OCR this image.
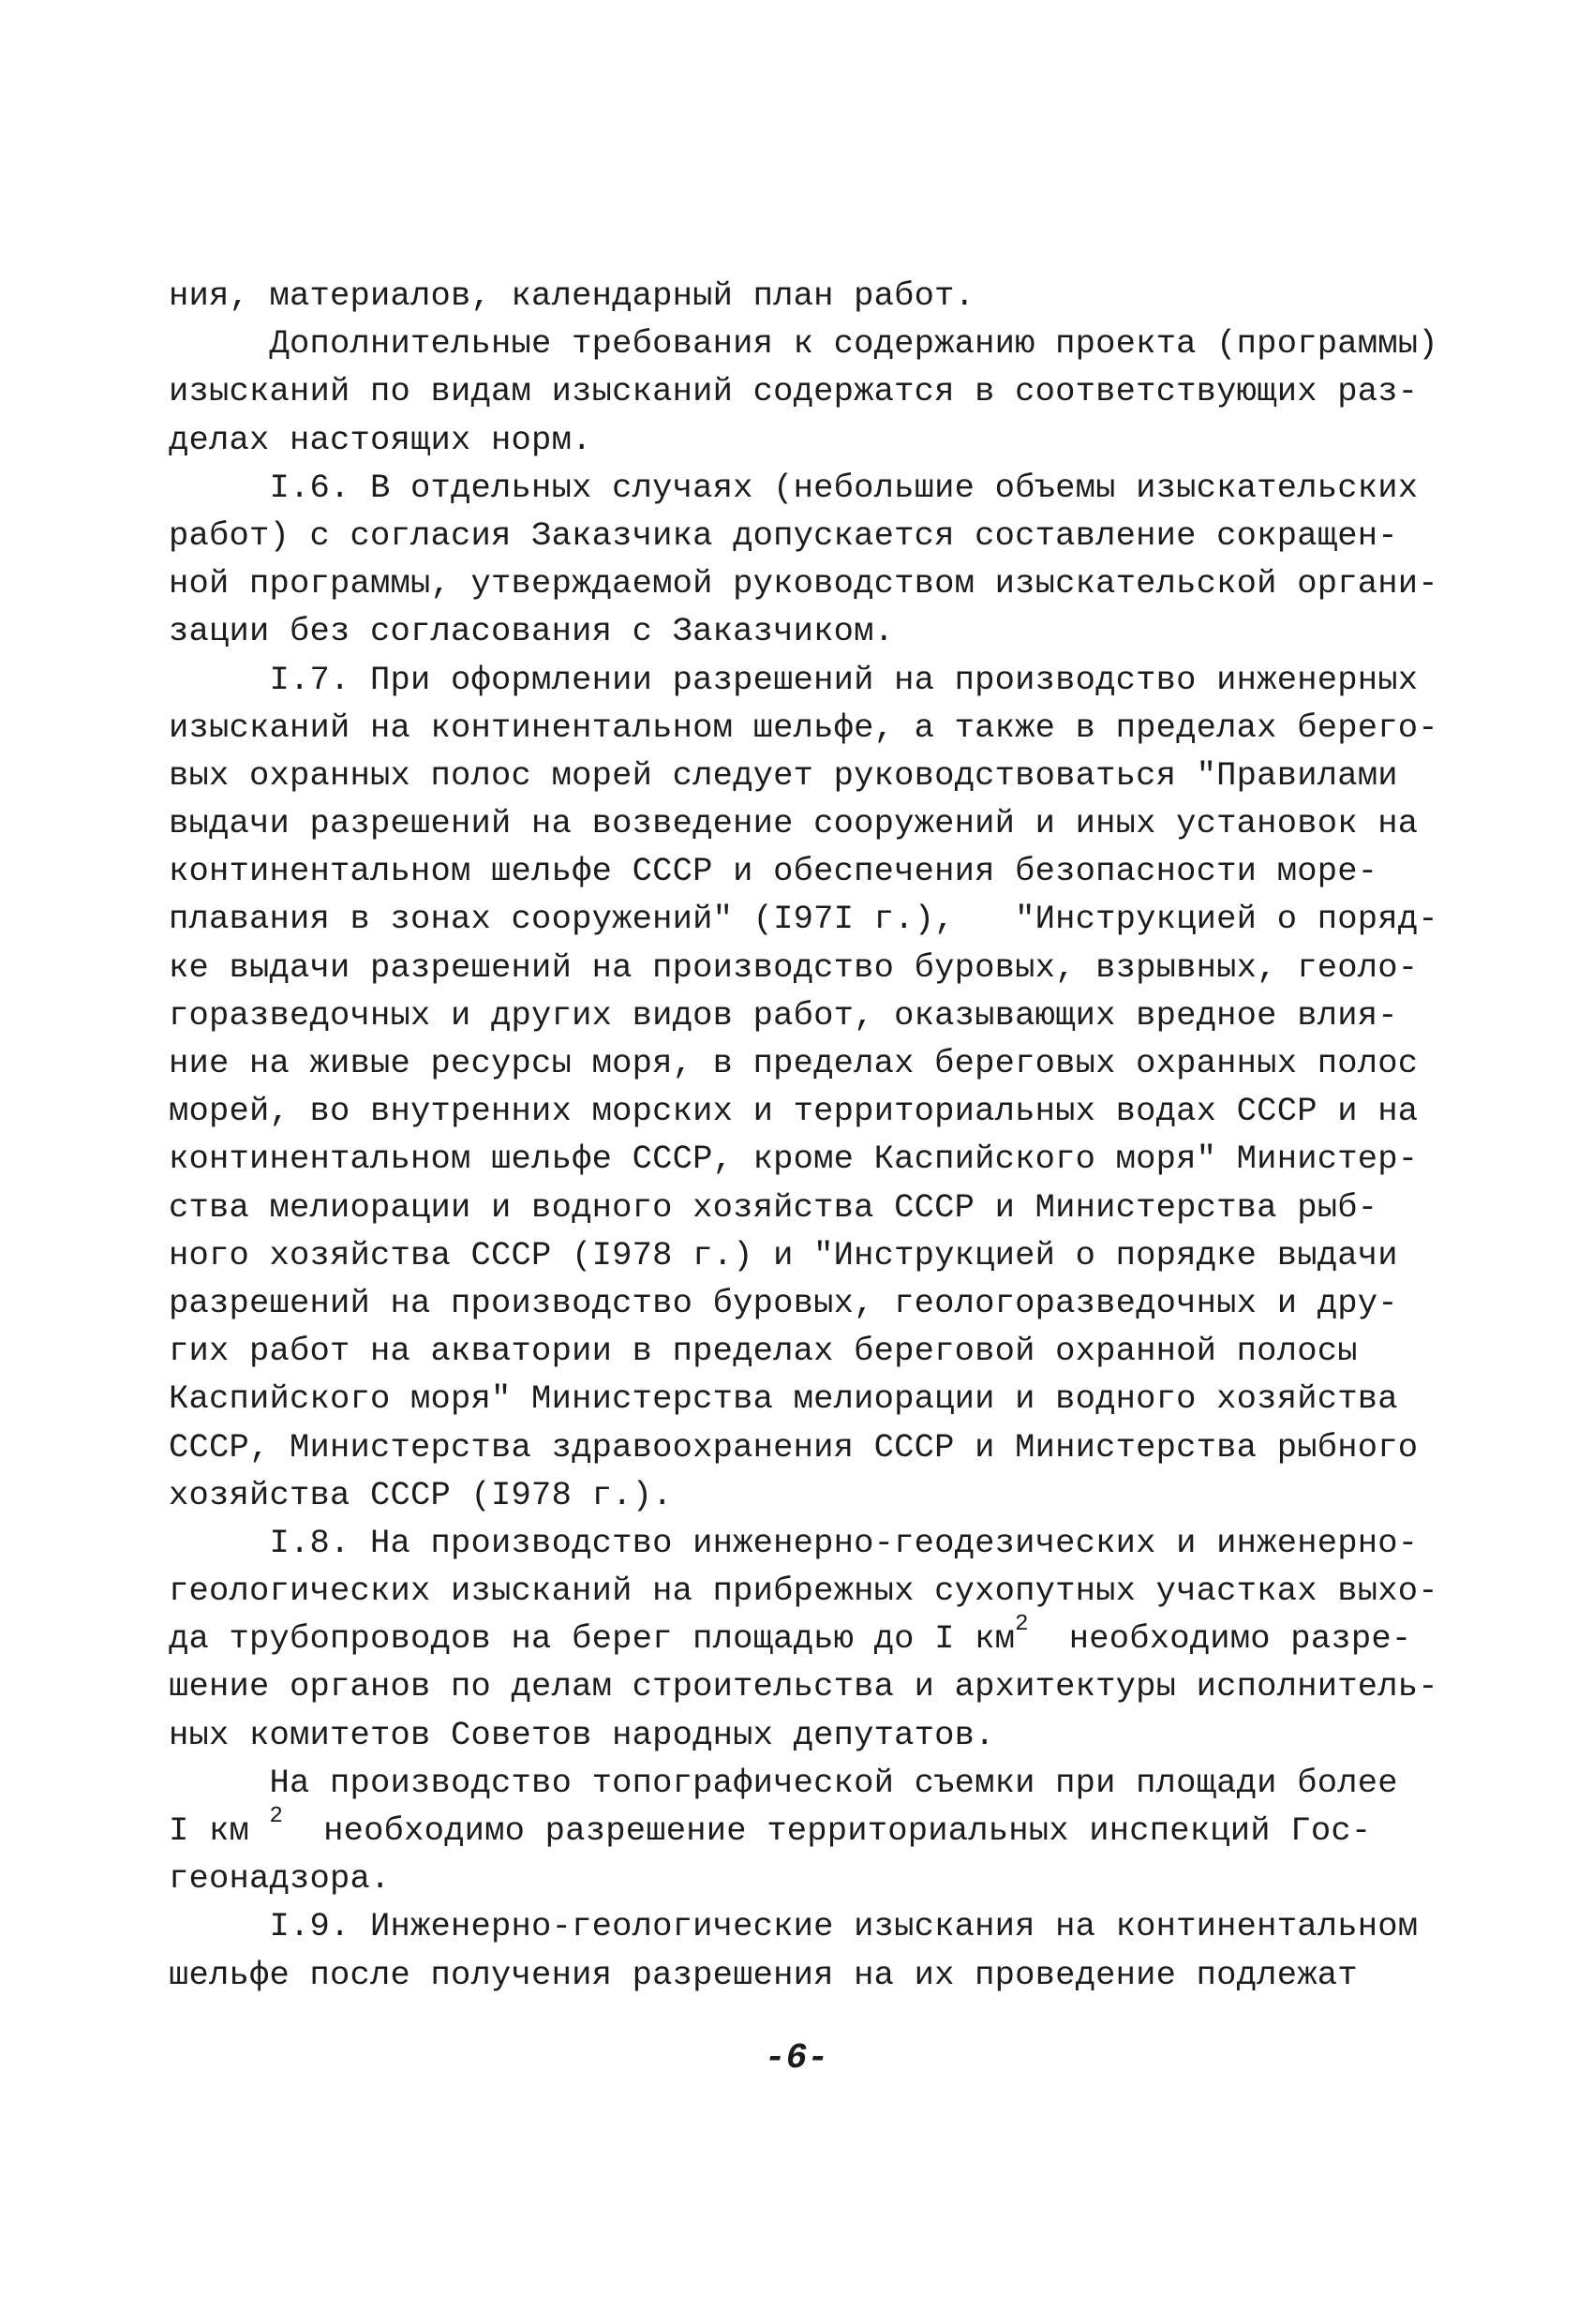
ния, материалов, календарный план работ.
Дополнительные требования к содержанию проекта (программы)
изысканий по видам изысканий содержатся в соответствующих раз-
делах настоящих норм.
I.6. В отдельных случаях (небольшие объемы изыскательских
работ) с согласия Заказчика допускается составление сокращен-
ной программы, утверждаемой руководством изыскательской органи-
зации без согласования с Заказчиком.
I.7. При оформлении разрешений на производство инженерных
изысканий на континентальном шельфе, а также в пределах берего-
вых охранных полос морей следует руководствоваться "Правилами
выдачи разрешений на возведение сооружений и иных установок на
континентальном шельфе СССР и обеспечения безопасности море-
плавания в зонах сооружений" (I97I г.),   "Инструкцией о поряд-
ке выдачи разрешений на производство буровых, взрывных, геоло-
горазведочных и других видов работ, оказывающих вредное влия-
ние на живые ресурсы моря, в пределах береговых охранных полос
морей, во внутренних морских и территориальных водах СССР и на
континентальном шельфе СССР, кроме Каспийского моря" Министер-
ства мелиорации и водного хозяйства СССР и Министерства рыб-
ного хозяйства СССР (I978 г.) и "Инструкцией о порядке выдачи
разрешений на производство буровых, геологоразведочных и дру-
гих работ на акватории в пределах береговой охранной полосы
Каспийского моря" Министерства мелиорации и водного хозяйства
СССР, Министерства здравоохранения СССР и Министерства рыбного
хозяйства СССР (I978 г.).
I.8. На производство инженерно-геодезических и инженерно-
геологических изысканий на прибрежных сухопутных участках выхо-
да трубопроводов на берег площадью до I $км^2$  необходимо разре-
шение органов по делам строительства и архитектуры исполнитель-
ных комитетов Советов народных депутатов.
На производство топографической съемки при площади более
I км $^2$  необходимо разрешение территориальных инспекций Гос-
геонадзора.
I.9. Инженерно-геологические изыскания на континентальном
шельфе после получения разрешения на их проведение подлежат
-6-
